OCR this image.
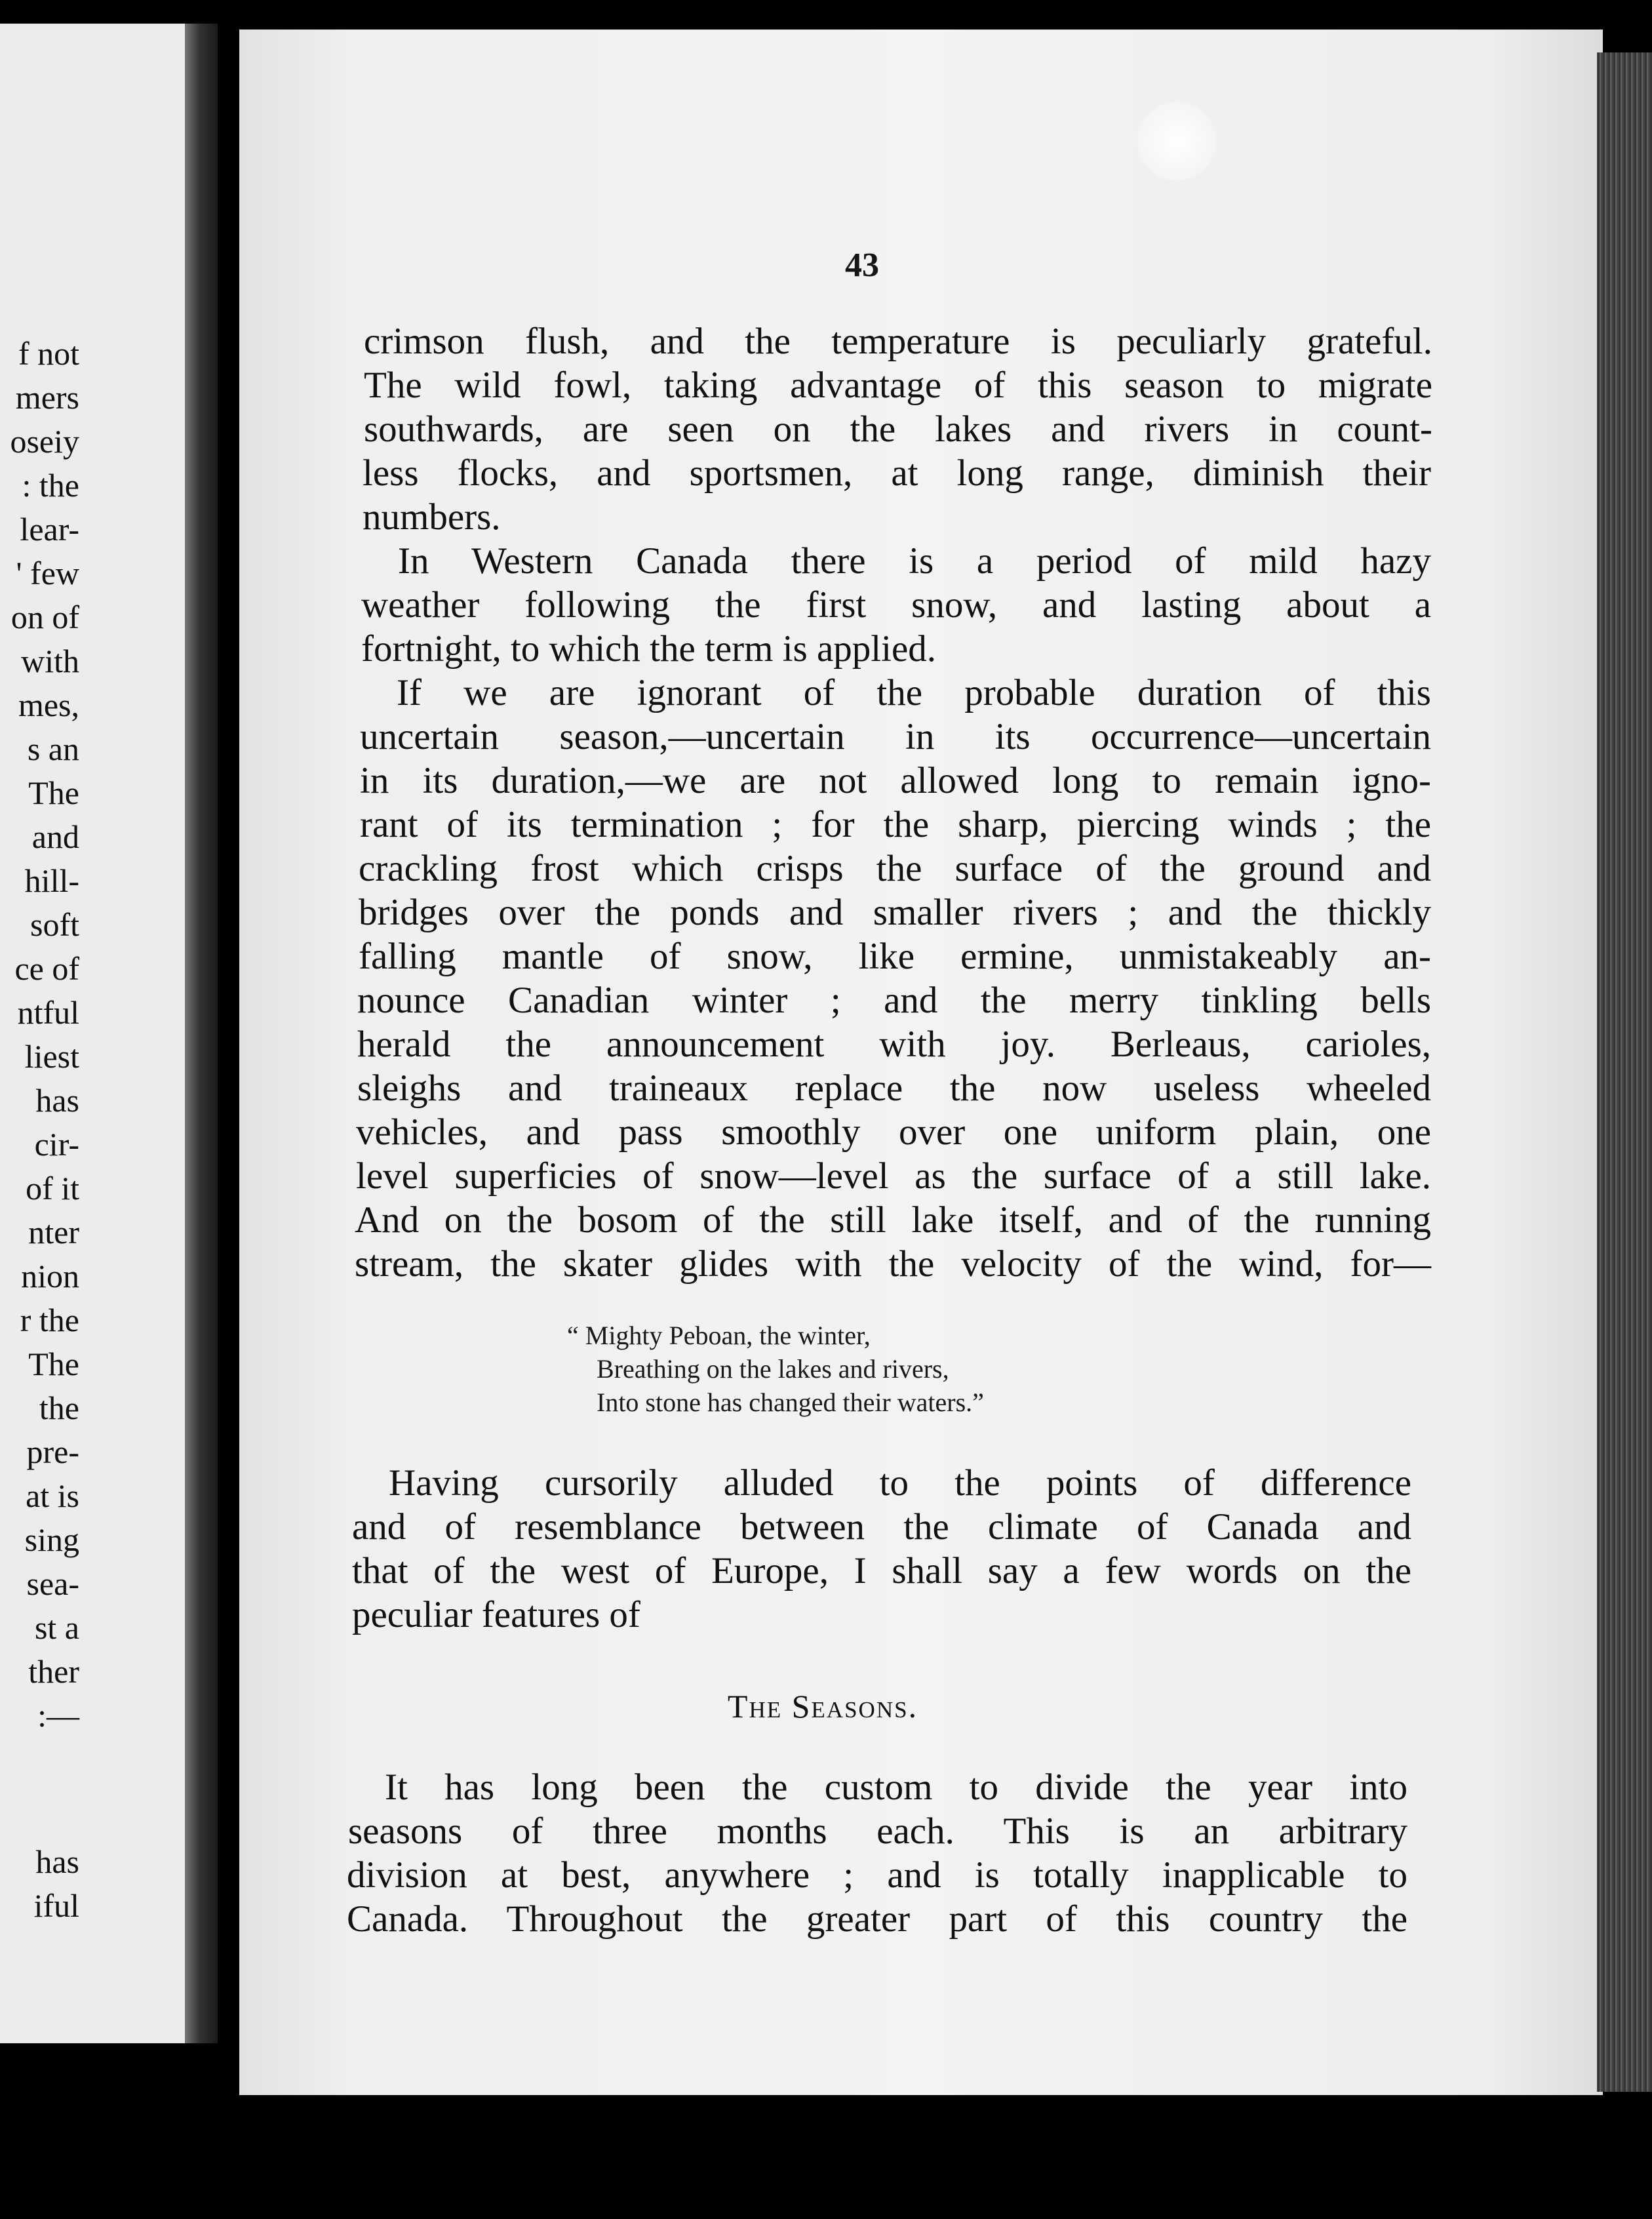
f not
mers
oseiy
: the
lear-
' few
on of
with
mes,
s an
The
and
hill-
soft
ce of
ntful
liest
has
cir-
of it
nter
nion
r the
The
the
pre-
at is
sing
sea-
st a
ther
:—
has
iful
43
crimson flush, and the temperature is peculiarly grateful.
The wild fowl, taking advantage of this season to migrate
southwards, are seen on the lakes and rivers in count-
less flocks, and sportsmen, at long range, diminish their
numbers.
In Western Canada there is a period of mild hazy
weather following the first snow, and lasting about a
fortnight, to which the term is applied.
If we are ignorant of the probable duration of this
uncertain season,—uncertain in its occurrence—uncertain
in its duration,—we are not allowed long to remain igno-
rant of its termination ; for the sharp, piercing winds ; the
crackling frost which crisps the surface of the ground and
bridges over the ponds and smaller rivers ; and the thickly
falling mantle of snow, like ermine, unmistakeably an-
nounce Canadian winter ; and the merry tinkling bells
herald the announcement with joy. Berleaus, carioles,
sleighs and traineaux replace the now useless wheeled
vehicles, and pass smoothly over one uniform plain, one
level superficies of snow—level as the surface of a still lake.
And on the bosom of the still lake itself, and of the running
stream, the skater glides with the velocity of the wind, for—
“ Mighty Peboan, the winter,
Breathing on the lakes and rivers,
Into stone has changed their waters.”
Having cursorily alluded to the points of difference
and of resemblance between the climate of Canada and
that of the west of Europe, I shall say a few words on the
peculiar features of
The Seasons.
It has long been the custom to divide the year into
seasons of three months each. This is an arbitrary
division at best, anywhere ; and is totally inapplicable to
Canada. Throughout the greater part of this country the
